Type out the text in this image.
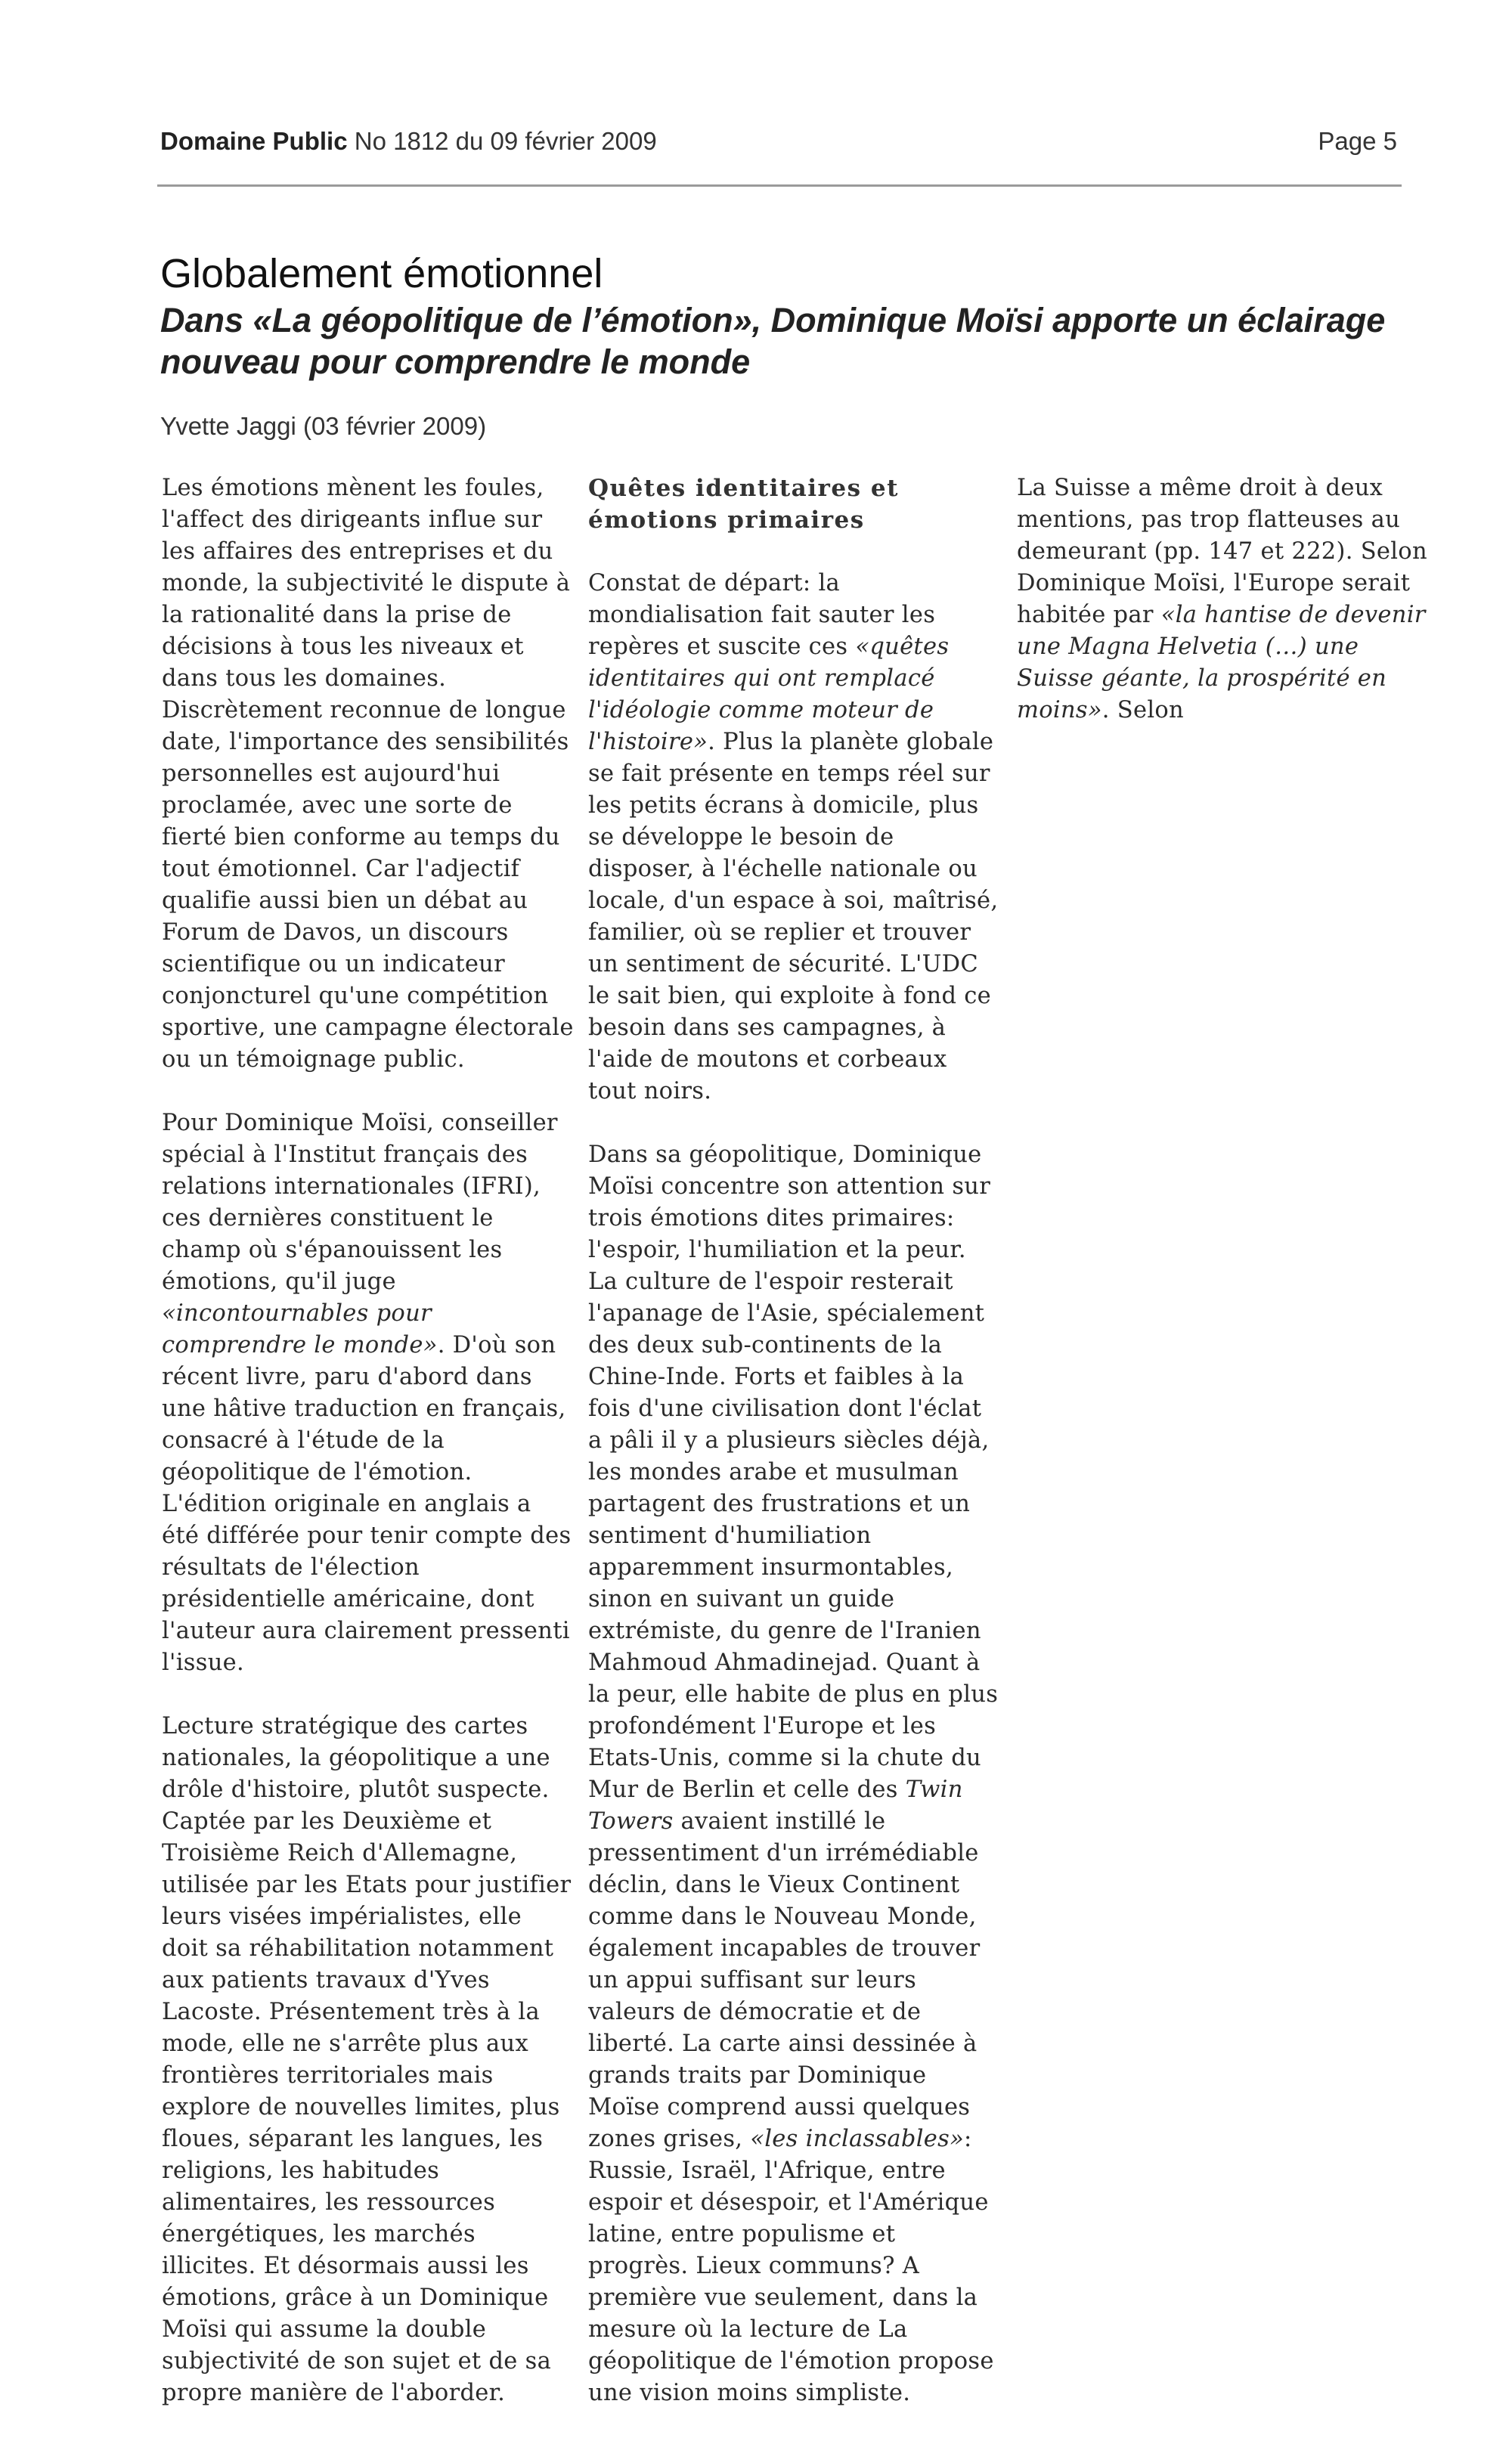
Domaine Public No 1812 du 09 février 2009	Page 5
Globalement émotionnel
Dans «La géopolitique de l’émotion», Dominique Moïsi apporte un éclairage nouveau pour comprendre le monde
Yvette Jaggi (03 février 2009)

Les émotions mènent les foules, l'affect des dirigeants influe sur les affaires des entreprises et du monde, la subjectivité le dispute à la rationalité dans la prise de décisions à tous les niveaux et dans tous les domaines. Discrètement reconnue de longue date, l'importance des sensibilités personnelles est aujourd'hui proclamée, avec une sorte de fierté bien conforme au temps du tout émotionnel. Car l'adjectif qualifie aussi bien un débat au Forum de Davos, un discours scientifique ou un indicateur conjoncturel qu'une compétition sportive, une campagne électorale ou un témoignage public.

Pour Dominique Moïsi, conseiller spécial à l'Institut français des relations internationales (IFRI), ces dernières constituent le champ où s'épanouissent les émotions, qu'il juge «incontournables pour comprendre le monde». D'où son récent livre, paru d'abord dans une hâtive traduction en français, consacré à l'étude de la géopolitique de l'émotion. L'édition originale en anglais a été différée pour tenir compte des résultats de l'élection présidentielle américaine, dont l'auteur aura clairement pressenti l'issue.

Lecture stratégique des cartes nationales, la géopolitique a une drôle d'histoire, plutôt suspecte. Captée par les Deuxième et Troisième Reich d'Allemagne, utilisée par les Etats pour justifier leurs visées impérialistes, elle doit sa réhabilitation notamment aux patients travaux d'Yves Lacoste. Présentement très à la mode, elle ne s'arrête plus aux frontières territoriales mais explore de nouvelles limites, plus floues, séparant les langues, les religions, les habitudes alimentaires, les ressources énergétiques, les marchés illicites. Et désormais aussi les émotions, grâce à un Dominique Moïsi qui assume la double subjectivité de son sujet et de sa propre manière de l'aborder.

Quêtes identitaires et émotions primaires

Constat de départ: la mondialisation fait sauter les repères et suscite ces «quêtes identitaires qui ont remplacé l'idéologie comme moteur de l'histoire». Plus la planète globale se fait présente en temps réel sur les petits écrans à domicile, plus se développe le besoin de disposer, à l'échelle nationale ou locale, d'un espace à soi, maîtrisé, familier, où se replier et trouver un sentiment de sécurité. L'UDC le sait bien, qui exploite à fond ce besoin dans ses campagnes, à l'aide de moutons et corbeaux tout noirs.

Dans sa géopolitique, Dominique Moïsi concentre son attention sur trois émotions dites primaires: l'espoir, l'humiliation et la peur. La culture de l'espoir resterait l'apanage de l'Asie, spécialement des deux sub-continents de la Chine-Inde. Forts et faibles à la fois d'une civilisation dont l'éclat a pâli il y a plusieurs siècles déjà, les mondes arabe et musulman partagent des frustrations et un sentiment d'humiliation apparemment insurmontables, sinon en suivant un guide extrémiste, du genre de l'Iranien Mahmoud Ahmadinejad. Quant à la peur, elle habite de plus en plus profondément l'Europe et les Etats-Unis, comme si la chute du Mur de Berlin et celle des Twin Towers avaient instillé le pressentiment d'un irrémédiable déclin, dans le Vieux Continent comme dans le Nouveau Monde, également incapables de trouver un appui suffisant sur leurs valeurs de démocratie et de liberté. La carte ainsi dessinée à grands traits par Dominique Moïse comprend aussi quelques zones grises, «les inclassables»: Russie, Israël, l'Afrique, entre espoir et désespoir, et l'Amérique latine, entre populisme et progrès. Lieux communs? A première vue seulement, dans la mesure où la lecture de La géopolitique de l'émotion propose une vision moins simpliste.

La Suisse a même droit à deux mentions, pas trop flatteuses au demeurant (pp. 147 et 222). Selon Dominique Moïsi, l'Europe serait habitée par «la hantise de devenir une Magna Helvetia (…) une Suisse géante, la prospérité en moins». Selon
